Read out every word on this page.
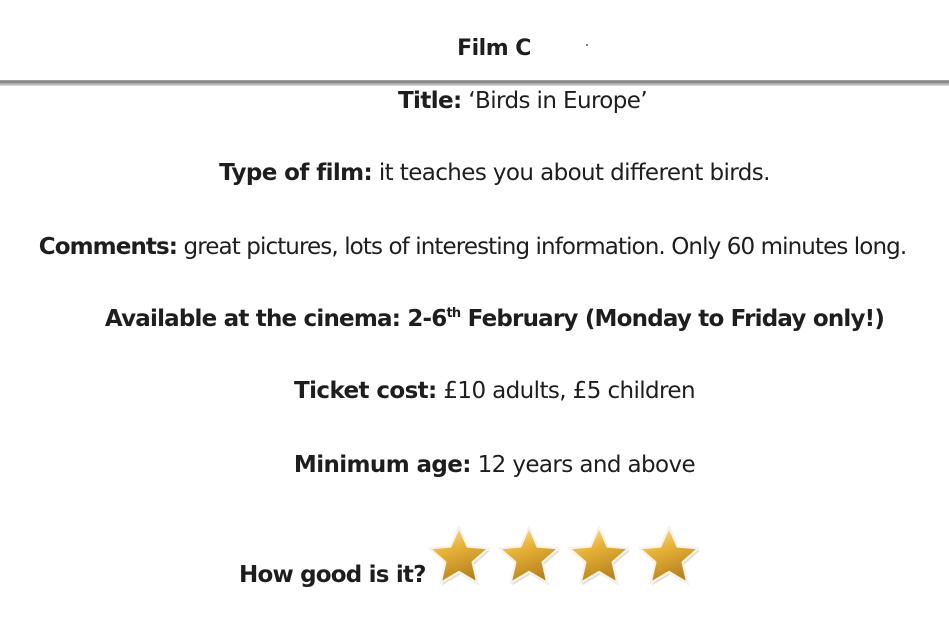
Film C
Title: ‘Birds in Europe’
Type of film: it teaches you about different birds.
Comments: great pictures, lots of interesting information. Only 60 minutes long.
Available at the cinema: 2-6th February (Monday to Friday only!)
Ticket cost: £10 adults, £5 children
Minimum age: 12 years and above
How good is it?
